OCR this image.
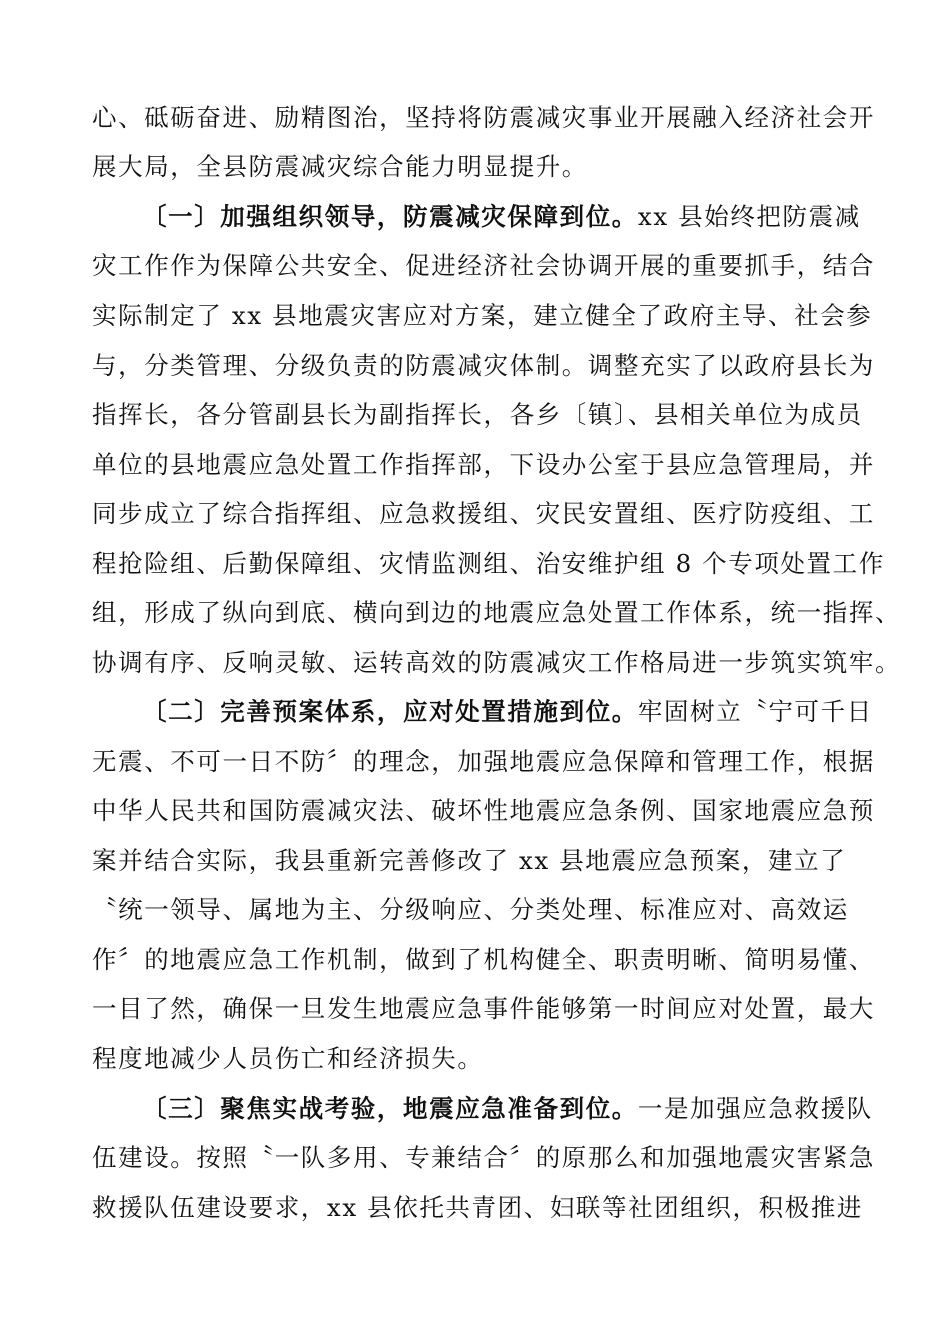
心、砥砺奋进、励精图治，坚持将防震减灾事业开展融入经济社会开
展大局，全县防震减灾综合能力明显提升。
〔一〕加强组织领导，防震减灾保障到位。xx 县始终把防震减
灾工作作为保障公共安全、促进经济社会协调开展的重要抓手，结合
实际制定了 xx 县地震灾害应对方案，建立健全了政府主导、社会参
与，分类管理、分级负责的防震减灾体制。调整充实了以政府县长为
指挥长，各分管副县长为副指挥长，各乡〔镇〕、县相关单位为成员
单位的县地震应急处置工作指挥部，下设办公室于县应急管理局，并
同步成立了综合指挥组、应急救援组、灾民安置组、医疗防疫组、工
程抢险组、后勤保障组、灾情监测组、治安维护组 8 个专项处置工作
组，形成了纵向到底、横向到边的地震应急处置工作体系，统一指挥、
协调有序、反响灵敏、运转高效的防震减灾工作格局进一步筑实筑牢。
〔二〕完善预案体系，应对处置措施到位。牢固树立〝宁可千日
无震、不可一日不防〞的理念，加强地震应急保障和管理工作，根据
中华人民共和国防震减灾法、破坏性地震应急条例、国家地震应急预
案并结合实际，我县重新完善修改了 xx 县地震应急预案，建立了
〝统一领导、属地为主、分级响应、分类处理、标准应对、高效运
作〞的地震应急工作机制，做到了机构健全、职责明晰、简明易懂、
一目了然，确保一旦发生地震应急事件能够第一时间应对处置，最大
程度地减少人员伤亡和经济损失。
〔三〕聚焦实战考验，地震应急准备到位。一是加强应急救援队
伍建设。按照〝一队多用、专兼结合〞的原那么和加强地震灾害紧急
救援队伍建设要求，xx 县依托共青团、妇联等社团组织，积极推进
